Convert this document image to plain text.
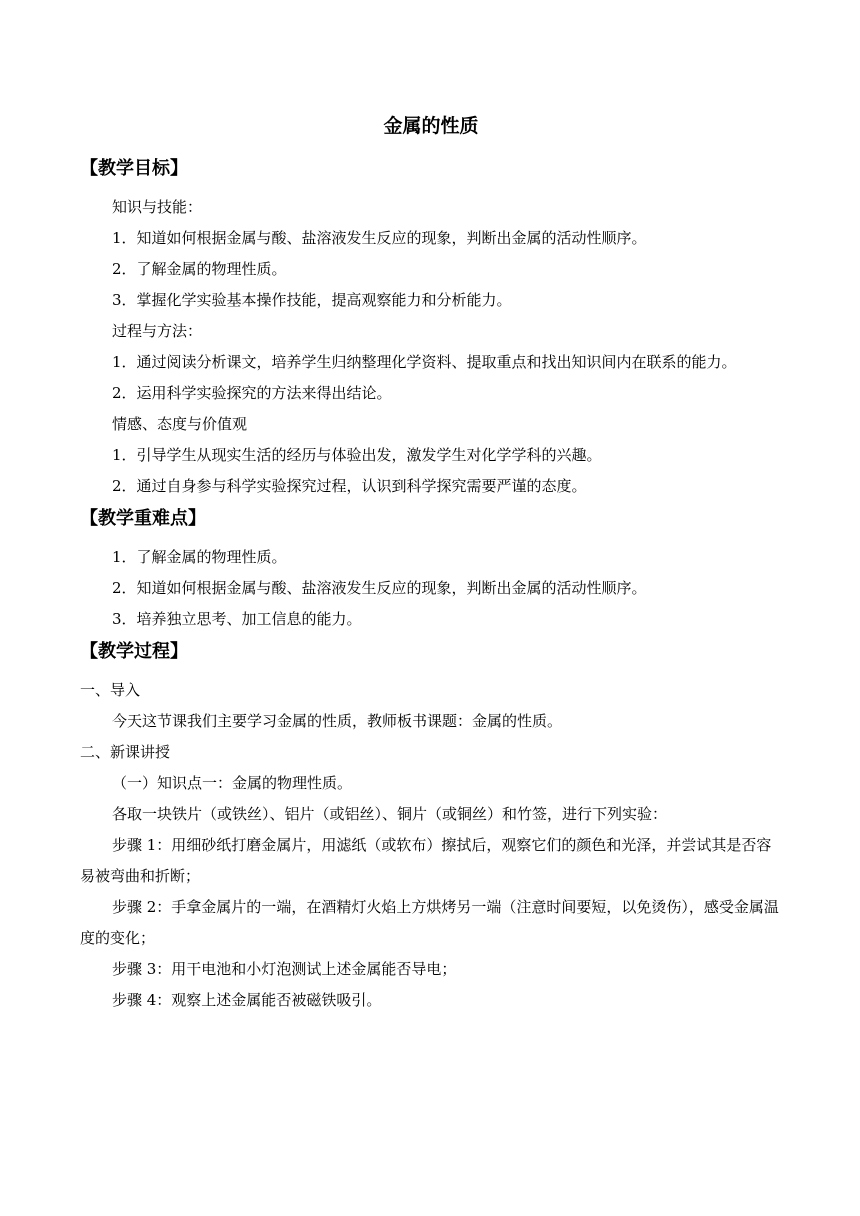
金属的性质
【教学目标】
知识与技能：
1．知道如何根据金属与酸、盐溶液发生反应的现象，判断出金属的活动性顺序。
2．了解金属的物理性质。
3．掌握化学实验基本操作技能，提高观察能力和分析能力。
过程与方法：
1．通过阅读分析课文，培养学生归纳整理化学资料、提取重点和找出知识间内在联系的能力。
2．运用科学实验探究的方法来得出结论。
情感、态度与价值观
1．引导学生从现实生活的经历与体验出发，激发学生对化学学科的兴趣。
2．通过自身参与科学实验探究过程，认识到科学探究需要严谨的态度。
【教学重难点】
1．了解金属的物理性质。
2．知道如何根据金属与酸、盐溶液发生反应的现象，判断出金属的活动性顺序。
3．培养独立思考、加工信息的能力。
【教学过程】
一、导入
今天这节课我们主要学习金属的性质，教师板书课题：金属的性质。
二、新课讲授
（一）知识点一：金属的物理性质。
各取一块铁片（或铁丝）、铝片（或铝丝）、铜片（或铜丝）和竹签，进行下列实验：
步骤 1：用细砂纸打磨金属片，用滤纸（或软布）擦拭后，观察它们的颜色和光泽，并尝试其是否容易被弯曲和折断；
步骤 2：手拿金属片的一端，在酒精灯火焰上方烘烤另一端（注意时间要短，以免烫伤），感受金属温度的变化；
步骤 3：用干电池和小灯泡测试上述金属能否导电；
步骤 4：观察上述金属能否被磁铁吸引。
